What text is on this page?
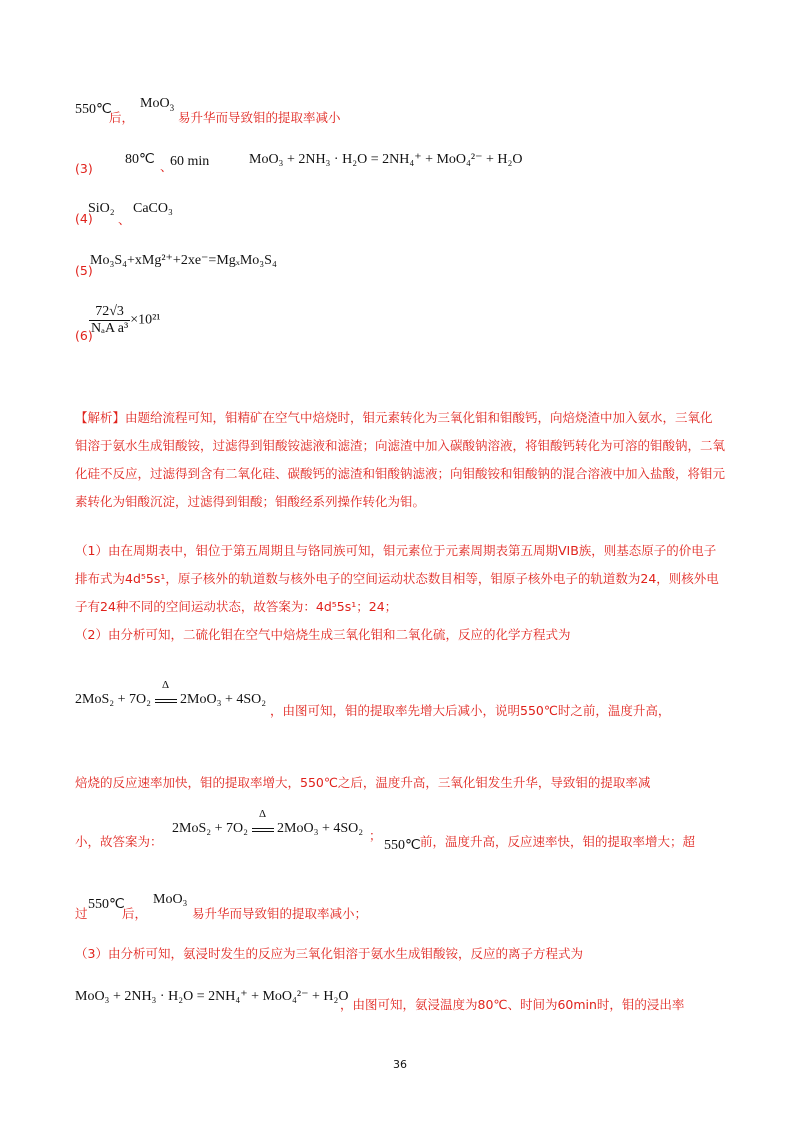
550℃
后，
MoO$_3$
易升华而导致钼的提取率减小
(3)
80℃ 、
60 min	MoO₃ + 2NH₃ · H₂O = 2NH₄⁺ + MoO₄²⁻ + H₂O
(4)
SiO₂
、
CaCO₃
(5)
Mo₃S₄+xMg²⁺+2xe⁻=MgₓMo₃S₄
(6)
$\frac{72√3}{\text{NₐA a³}} \times 10^{21}$
【解析】由题给流程可知，钼精矿在空气中焙烧时，钼元素转化为三氧化钼和钼酸钙，向焙烧渣中加入氨水，三氧化钼溶于氨水生成钼酸铵，过滤得到钼酸铵滤液和滤渣；向滤渣中加入碳酸钠溶液，将钼酸钙转化为可溶的钼酸钠，二氧化硅不反应，过滤得到含有二氧化硅、碳酸钙的滤渣和钼酸钠滤液；向钼酸铵和钼酸钠的混合溶液中加入盐酸，将钼元素转化为钼酸沉淀，过滤得到钼酸；钼酸经系列操作转化为钼。
（1）由在周期表中，钼位于第五周期且与铬同族可知，钼元素位于元素周期表第五周期VIB族，则基态原子的价电子排布式为4d⁵5s¹，原子核外的轨道数与核外电子的空间运动状态数目相等，钼原子核外电子的轨道数为24，则核外电子有24种不同的空间运动状态，故答案为：4d⁵5s¹；24；
（2）由分析可知，二硫化钼在空气中焙烧生成三氧化钼和二氧化硫，反应的化学方程式为
2MoS₂ + 7O₂
Δ
2MoO₃ + 4SO₂
，由图可知，钼的提取率先增大后减小，说明550℃时之前，温度升高，
焙烧的反应速率加快，钼的提取率增大，550℃之后，温度升高，三氧化钼发生升华，导致钼的提取率减
小，故答案为：
2MoS₂ + 7O₂
Δ
2MoO₃ + 4SO₂ ；
550℃ 前，温度升高，反应速率快，钼的提取率增大；超
过
550℃
后，
MoO₃
易升华而导致钼的提取率减小；
（3）由分析可知，氨浸时发生的反应为三氧化钼溶于氨水生成钼酸铵，反应的离子方程式为
MoO₃ + 2NH₃ · H₂O = 2NH₄⁺ + MoO₄²⁻ + H₂O
，由图可知，氨浸温度为80℃、时间为60min时，钼的浸出率
36
